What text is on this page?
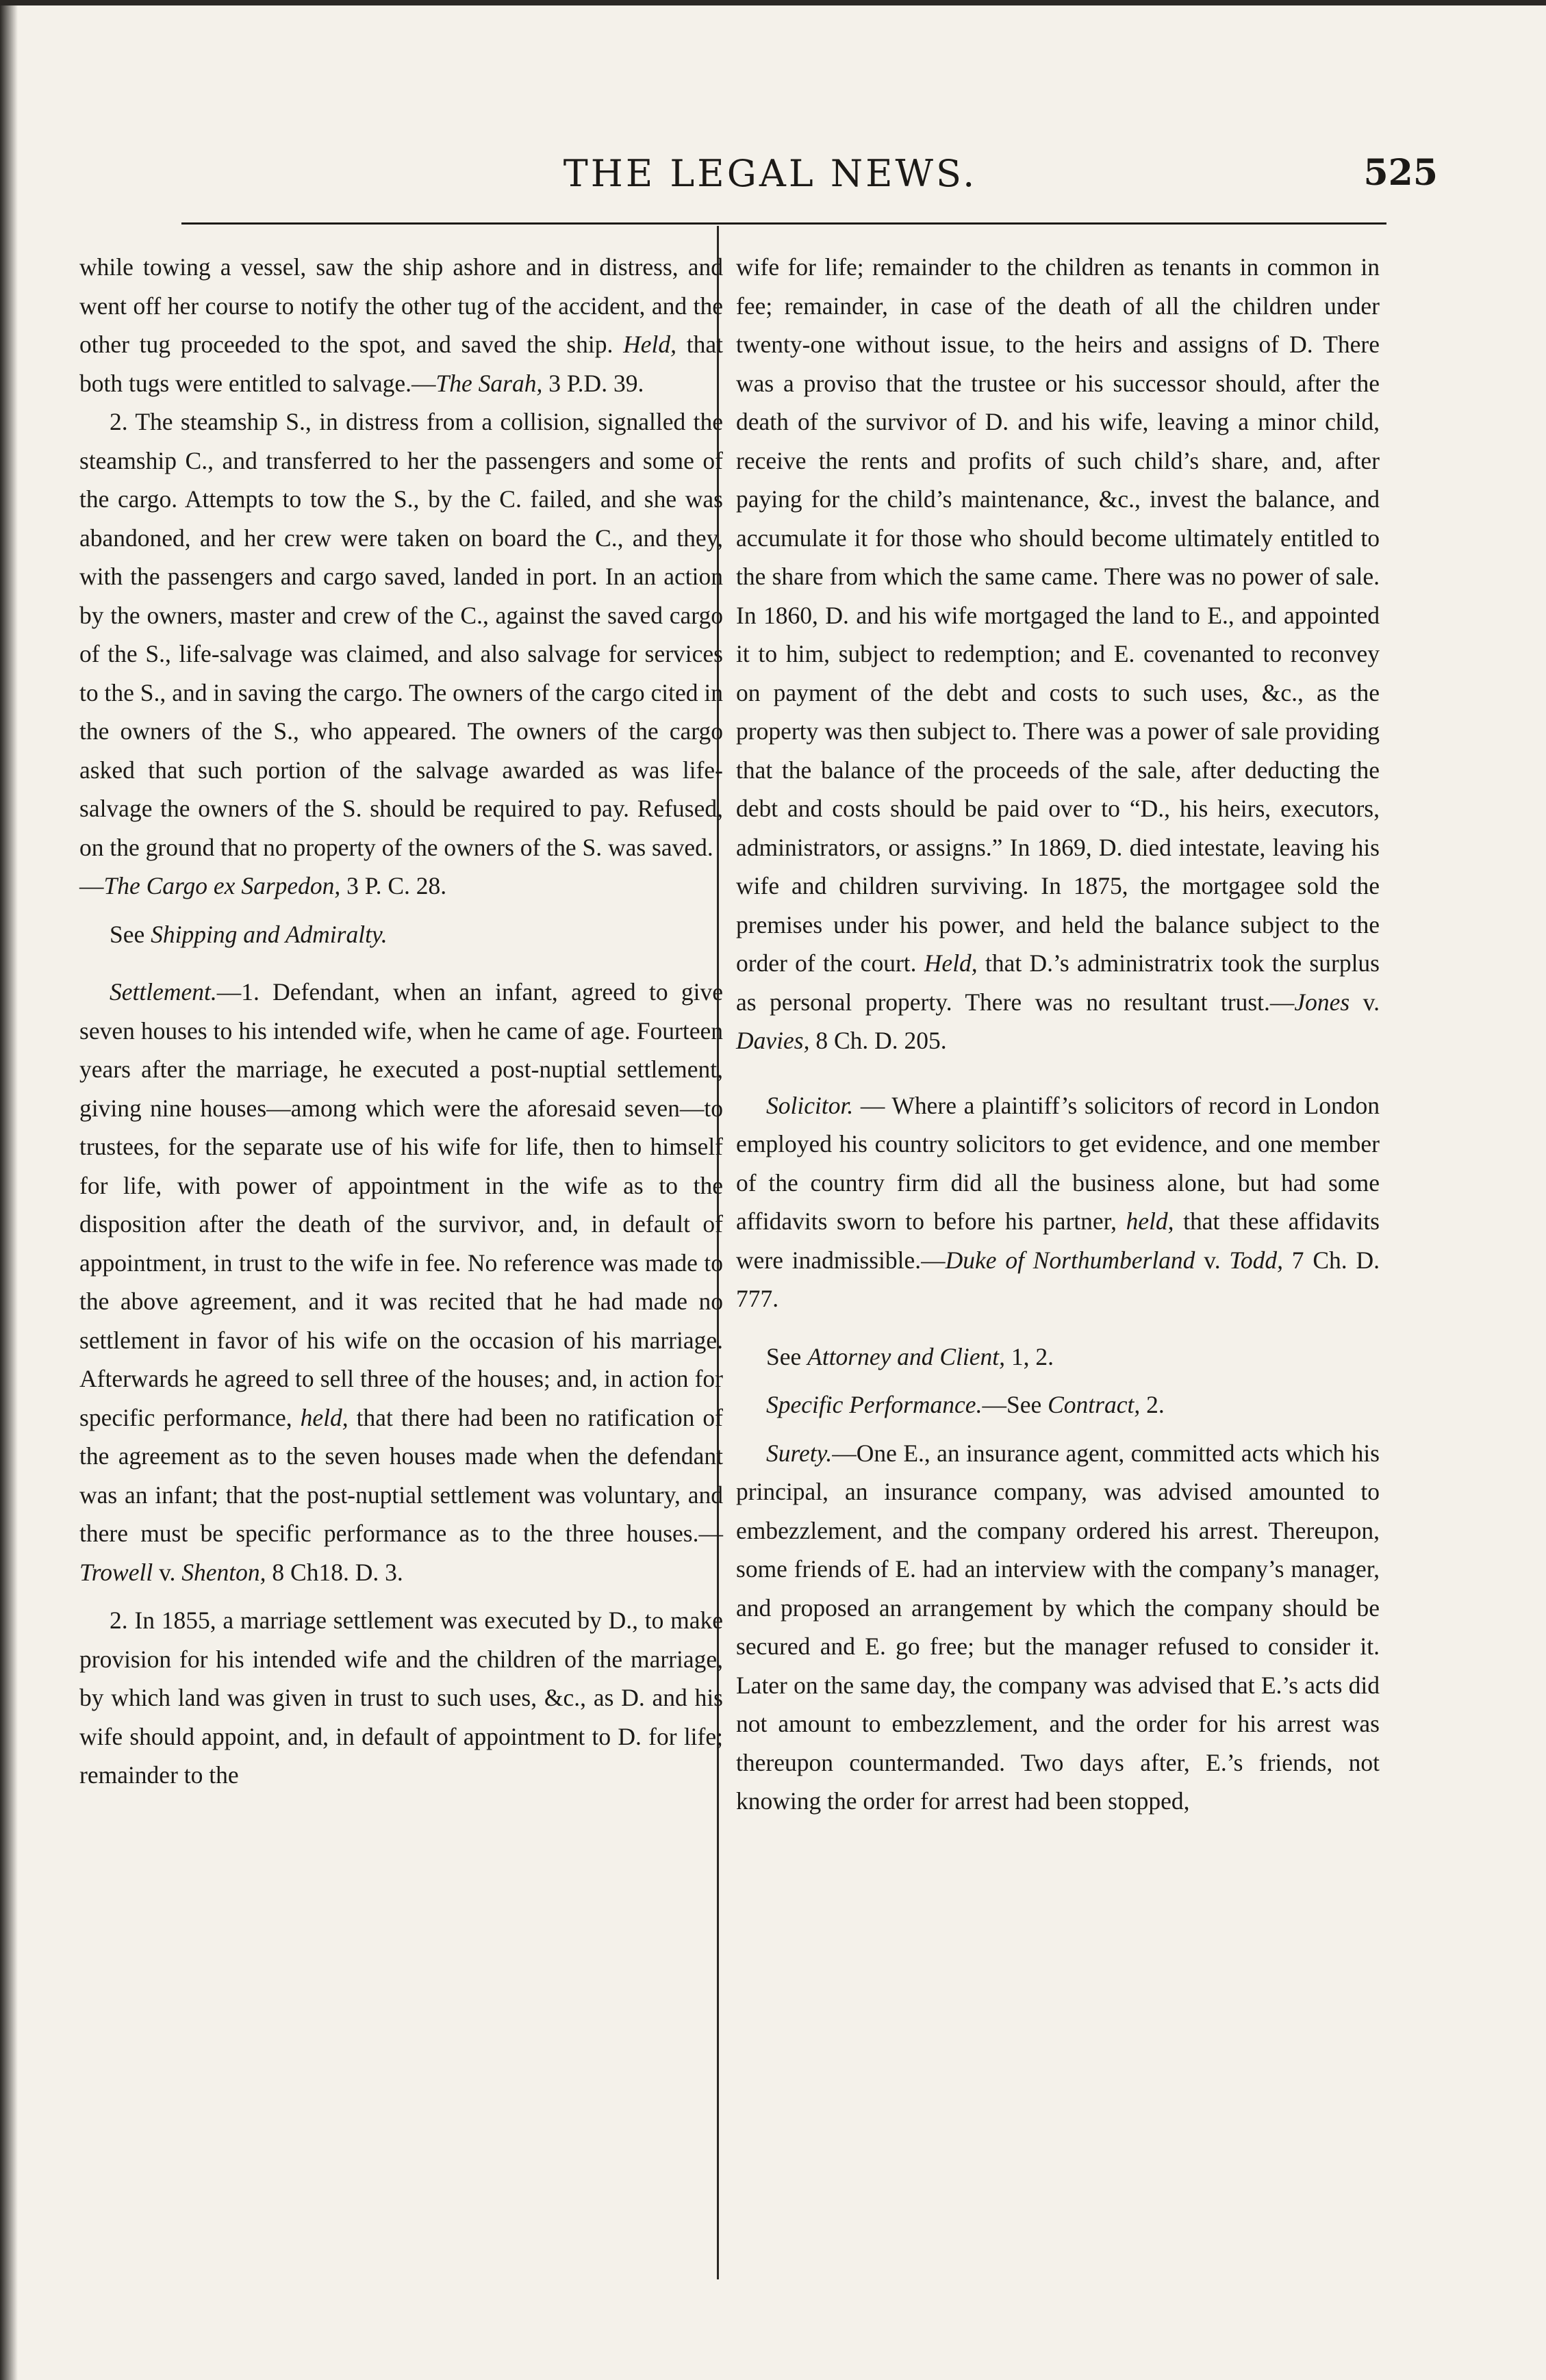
THE LEGAL NEWS.	525

while towing a vessel, saw the ship ashore and in distress, and went off her course to notify the other tug of the accident, and the other tug proceeded to the spot, and saved the ship. Held, that both tugs were entitled to salvage.—The Sarah, 3 P.D. 39.

2. The steamship S., in distress from a collision, signalled the steamship C., and transferred to her the passengers and some of the cargo. Attempts to tow the S., by the C. failed, and she was abandoned, and her crew were taken on board the C., and they, with the passengers and cargo saved, landed in port. In an action by the owners, master and crew of the C., against the saved cargo of the S., life-salvage was claimed, and also salvage for services to the S., and in saving the cargo. The owners of the cargo cited in the owners of the S., who appeared. The owners of the cargo asked that such portion of the salvage awarded as was life-salvage the owners of the S. should be required to pay. Refused, on the ground that no property of the owners of the S. was saved.
—The Cargo ex Sarpedon, 3 P. C. 28.

See Shipping and Admiralty.

Settlement.—1. Defendant, when an infant, agreed to give seven houses to his intended wife, when he came of age. Fourteen years after the marriage, he executed a post-nuptial settlement, giving nine houses—among which were the aforesaid seven—to trustees, for the separate use of his wife for life, then to himself for life, with power of appointment in the wife as to the disposition after the death of the survivor, and, in default of appointment, in trust to the wife in fee. No reference was made to the above agreement, and it was recited that he had made no settlement in favor of his wife on the occasion of his marriage. Afterwards he agreed to sell three of the houses; and, in action for specific performance, held, that there had been no ratification of the agreement as to the seven houses made when the defendant was an infant; that the post-nuptial settlement was voluntary, and there must be specific performance as to the three houses.—Trowell v. Shenton, 8 Ch18. D. 3.

2. In 1855, a marriage settlement was executed by D., to make provision for his intended wife and the children of the marriage, by which land was given in trust to such uses, &c., as D. and his wife should appoint, and, in default of appointment to D. for life; remainder to the

wife for life; remainder to the children as tenants in common in fee; remainder, in case of the death of all the children under twenty-one without issue, to the heirs and assigns of D. There was a proviso that the trustee or his successor should, after the death of the survivor of D. and his wife, leaving a minor child, receive the rents and profits of such child’s share, and, after paying for the child’s maintenance, &c., invest the balance, and accumulate it for those who should become ultimately entitled to the share from which the same came. There was no power of sale. In 1860, D. and his wife mortgaged the land to E., and appointed it to him, subject to redemption; and E. covenanted to reconvey on payment of the debt and costs to such uses, &c., as the property was then subject to. There was a power of sale providing that the balance of the proceeds of the sale, after deducting the debt and costs should be paid over to “D., his heirs, executors, administrators, or assigns.” In 1869, D. died intestate, leaving his wife and children surviving. In 1875, the mortgagee sold the premises under his power, and held the balance subject to the order of the court. Held, that D.’s administratrix took the surplus as personal property. There was no resultant trust.—Jones v. Davies, 8 Ch. D. 205.

Solicitor. — Where a plaintiff’s solicitors of record in London employed his country solicitors to get evidence, and one member of the country firm did all the business alone, but had some affidavits sworn to before his partner, held, that these affidavits were inadmissible.—Duke of Northumberland v. Todd, 7 Ch. D. 777.

See Attorney and Client, 1, 2.

Specific Performance.—See Contract, 2.

Surety.—One E., an insurance agent, committed acts which his principal, an insurance company, was advised amounted to embezzlement, and the company ordered his arrest. Thereupon, some friends of E. had an interview with the company’s manager, and proposed an arrangement by which the company should be secured and E. go free; but the manager refused to consider it. Later on the same day, the company was advised that E.’s acts did not amount to embezzlement, and the order for his arrest was thereupon countermanded. Two days after, E.’s friends, not knowing the order for arrest had been stopped,
